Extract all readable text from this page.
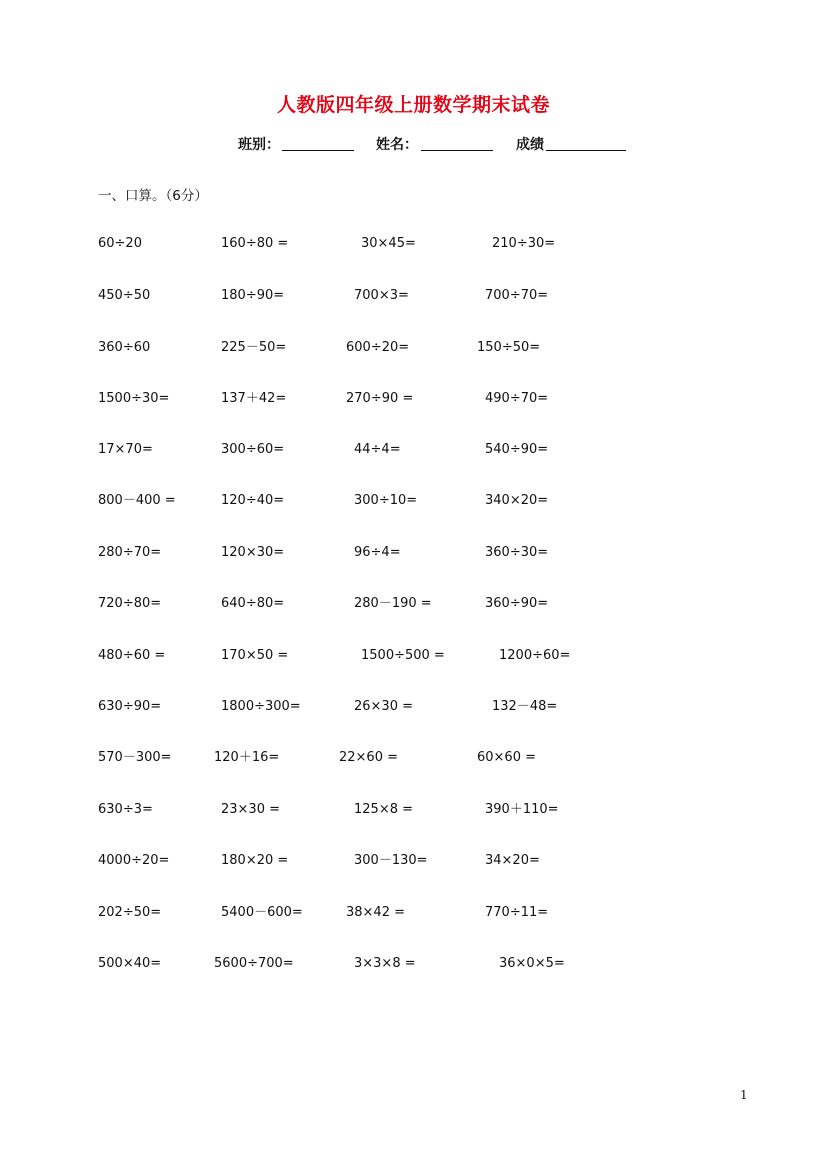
人教版四年级上册数学期末试卷
班别：	姓名：	成绩
一、口算。（6分）
60÷20	160÷80 =	30×45=	210÷30=
450÷50	180÷90=	700×3=	700÷70=
360÷60	225－50=	600÷20=	150÷50=
1500÷30=	137＋42=	270÷90 =	490÷70=
17×70=	300÷60=	44÷4=	540÷90=
800－400 =	120÷40=	300÷10=	340×20=
280÷70=	120×30=	96÷4=	360÷30=
720÷80=	640÷80=	280－190 =	360÷90=
480÷60 =	170×50 =	1500÷500 =	1200÷60=
630÷90=	1800÷300=	26×30 =	132－48=
570－300=	120＋16=	22×60 =	60×60 =
630÷3=	23×30 =	125×8 =	390＋110=
4000÷20=	180×20 =	300－130=	34×20=
202÷50=	5400－600=	38×42 =	770÷11=
500×40=	5600÷700=	3×3×8 =	36×0×5=
1
